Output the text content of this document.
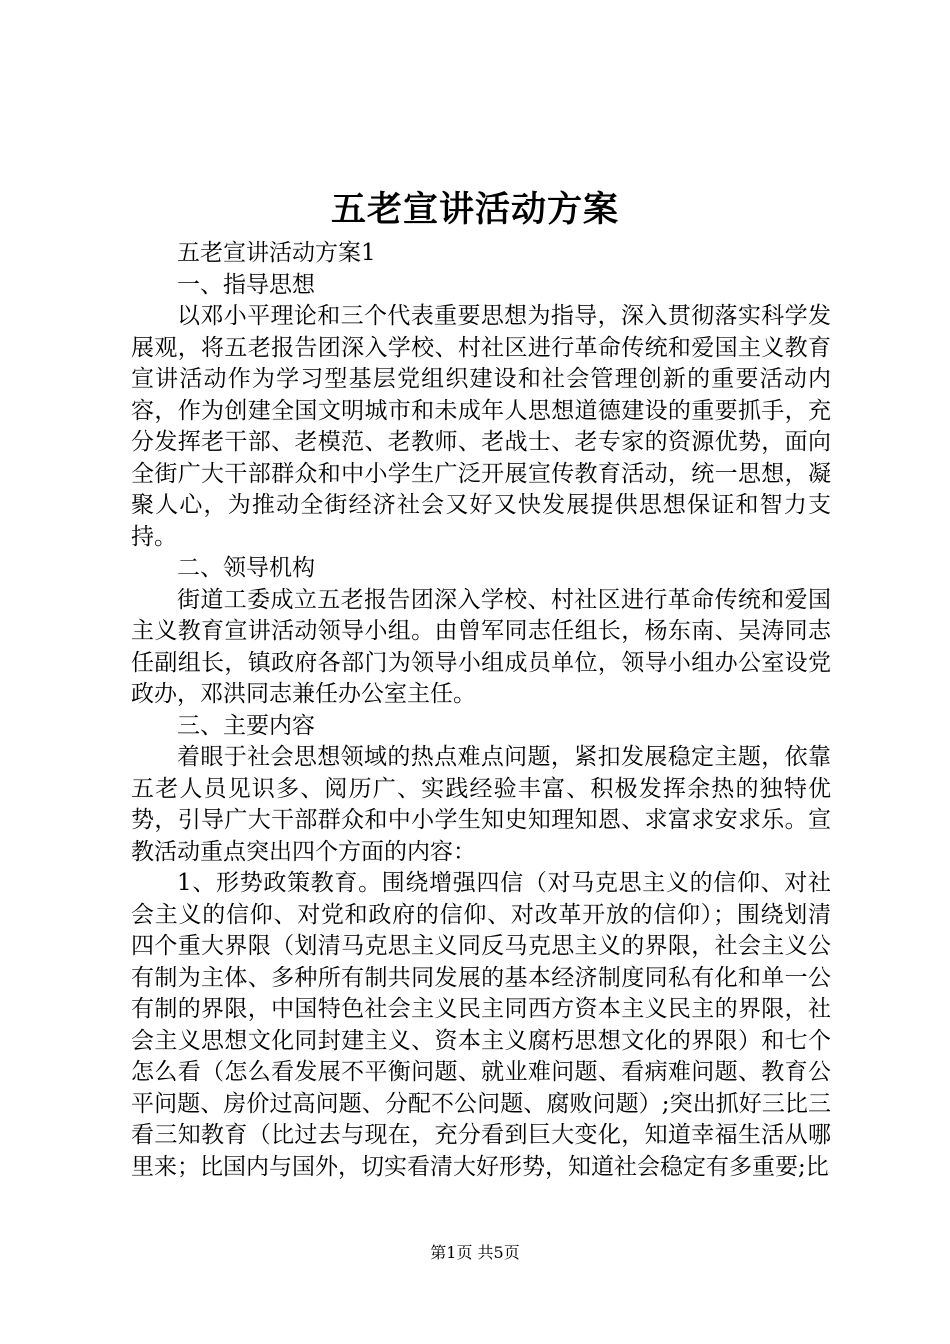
五老宣讲活动方案

五老宣讲活动方案1

一、指导思想

以邓小平理论和三个代表重要思想为指导，深入贯彻落实科学发展观，将五老报告团深入学校、村社区进行革命传统和爱国主义教育宣讲活动作为学习型基层党组织建设和社会管理创新的重要活动内容，作为创建全国文明城市和未成年人思想道德建设的重要抓手，充分发挥老干部、老模范、老教师、老战士、老专家的资源优势，面向全街广大干部群众和中小学生广泛开展宣传教育活动，统一思想，凝聚人心，为推动全街经济社会又好又快发展提供思想保证和智力支持。

二、领导机构

街道工委成立五老报告团深入学校、村社区进行革命传统和爱国主义教育宣讲活动领导小组。由曾军同志任组长，杨东南、吴涛同志任副组长，镇政府各部门为领导小组成员单位，领导小组办公室设党政办，邓洪同志兼任办公室主任。

三、主要内容

着眼于社会思想领域的热点难点问题，紧扣发展稳定主题，依靠五老人员见识多、阅历广、实践经验丰富、积极发挥余热的独特优势，引导广大干部群众和中小学生知史知理知恩、求富求安求乐。宣教活动重点突出四个方面的内容：

1、形势政策教育。围绕增强四信（对马克思主义的信仰、对社会主义的信仰、对党和政府的信仰、对改革开放的信仰）；围绕划清四个重大界限（划清马克思主义同反马克思主义的界限，社会主义公有制为主体、多种所有制共同发展的基本经济制度同私有化和单一公有制的界限，中国特色社会主义民主同西方资本主义民主的界限，社会主义思想文化同封建主义、资本主义腐朽思想文化的界限）和七个怎么看（怎么看发展不平衡问题、就业难问题、看病难问题、教育公平问题、房价过高问题、分配不公问题、腐败问题）;突出抓好三比三看三知教育（比过去与现在，充分看到巨大变化，知道幸福生活从哪里来；比国内与国外，切实看清大好形势，知道社会稳定有多重要;比

第1页 共5页
